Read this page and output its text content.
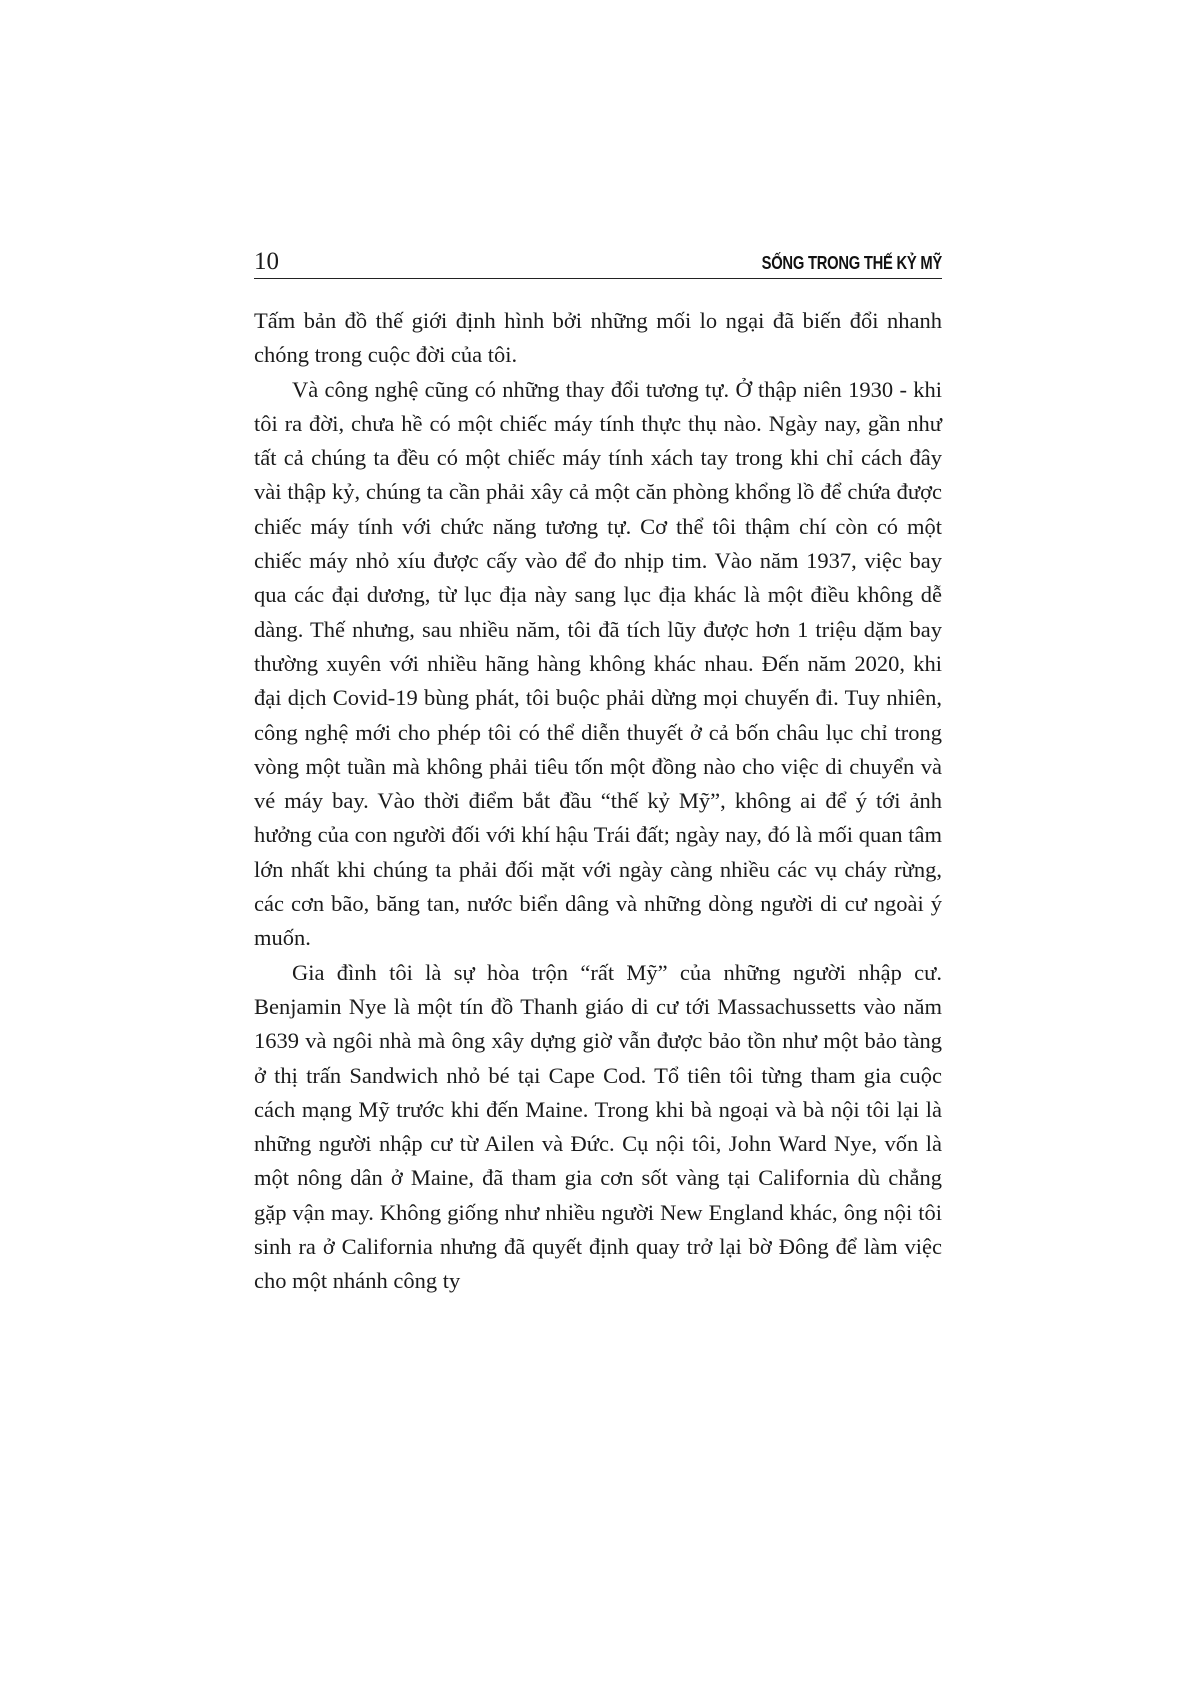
10	SỐNG TRONG THẾ KỶ MỸ

Tấm bản đồ thế giới định hình bởi những mối lo ngại đã biến đổi nhanh chóng trong cuộc đời của tôi.

Và công nghệ cũng có những thay đổi tương tự. Ở thập niên 1930 - khi tôi ra đời, chưa hề có một chiếc máy tính thực thụ nào. Ngày nay, gần như tất cả chúng ta đều có một chiếc máy tính xách tay trong khi chỉ cách đây vài thập kỷ, chúng ta cần phải xây cả một căn phòng khổng lồ để chứa được chiếc máy tính với chức năng tương tự. Cơ thể tôi thậm chí còn có một chiếc máy nhỏ xíu được cấy vào để đo nhịp tim. Vào năm 1937, việc bay qua các đại dương, từ lục địa này sang lục địa khác là một điều không dễ dàng. Thế nhưng, sau nhiều năm, tôi đã tích lũy được hơn 1 triệu dặm bay thường xuyên với nhiều hãng hàng không khác nhau. Đến năm 2020, khi đại dịch Covid-19 bùng phát, tôi buộc phải dừng mọi chuyến đi. Tuy nhiên, công nghệ mới cho phép tôi có thể diễn thuyết ở cả bốn châu lục chỉ trong vòng một tuần mà không phải tiêu tốn một đồng nào cho việc di chuyển và vé máy bay. Vào thời điểm bắt đầu “thế kỷ Mỹ”, không ai để ý tới ảnh hưởng của con người đối với khí hậu Trái đất; ngày nay, đó là mối quan tâm lớn nhất khi chúng ta phải đối mặt với ngày càng nhiều các vụ cháy rừng, các cơn bão, băng tan, nước biển dâng và những dòng người di cư ngoài ý muốn.

Gia đình tôi là sự hòa trộn “rất Mỹ” của những người nhập cư. Benjamin Nye là một tín đồ Thanh giáo di cư tới Massachussetts vào năm 1639 và ngôi nhà mà ông xây dựng giờ vẫn được bảo tồn như một bảo tàng ở thị trấn Sandwich nhỏ bé tại Cape Cod. Tổ tiên tôi từng tham gia cuộc cách mạng Mỹ trước khi đến Maine. Trong khi bà ngoại và bà nội tôi lại là những người nhập cư từ Ailen và Đức. Cụ nội tôi, John Ward Nye, vốn là một nông dân ở Maine, đã tham gia cơn sốt vàng tại California dù chẳng gặp vận may. Không giống như nhiều người New England khác, ông nội tôi sinh ra ở California nhưng đã quyết định quay trở lại bờ Đông để làm việc cho một nhánh công ty
